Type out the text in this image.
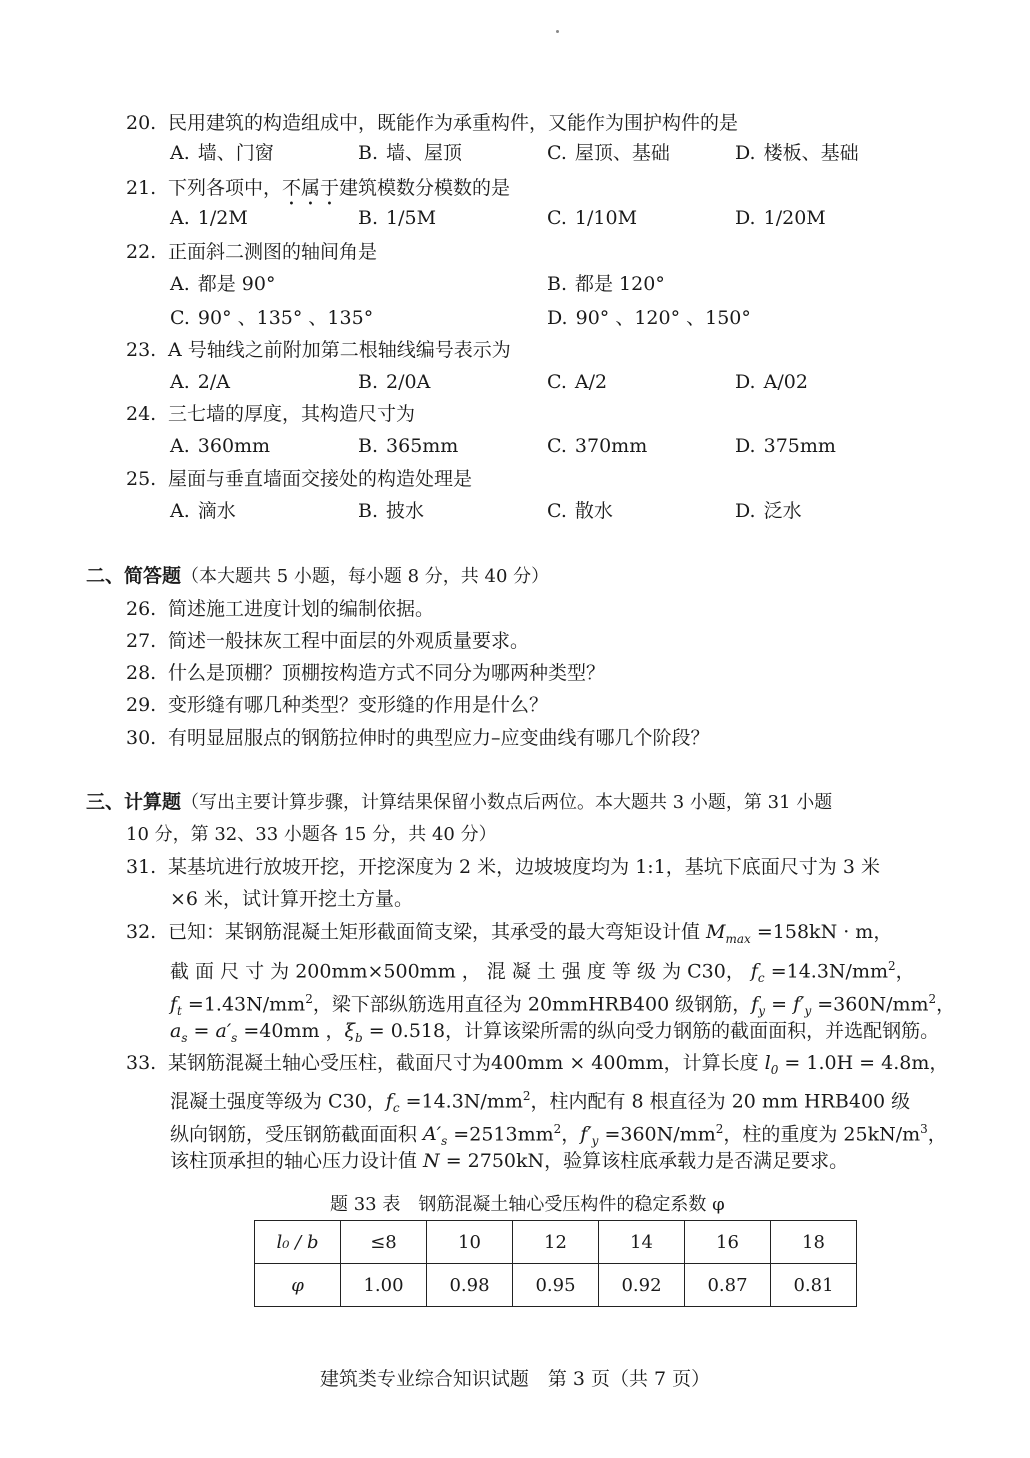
20. 民用建筑的构造组成中，既能作为承重构件，又能作为围护构件的是
A. 墙、门窗	B. 墙、屋顶	C. 屋顶、基础	D. 楼板、基础
21. 下列各项中，不属于建筑模数分模数的是
A. 1/2M	B. 1/5M	C. 1/10M	D. 1/20M
22. 正面斜二测图的轴间角是
A. 都是 90°	B. 都是 120°
C. 90° 、135° 、135°	D. 90° 、120° 、150°
23. A 号轴线之前附加第二根轴线编号表示为
A. 2/A	B. 2/0A	C. A/2	D. A/02
24. 三七墙的厚度，其构造尺寸为
A. 360mm	B. 365mm	C. 370mm	D. 375mm
25. 屋面与垂直墙面交接处的构造处理是
A. 滴水	B. 披水	C. 散水	D. 泛水
二、简答题（本大题共 5 小题，每小题 8 分，共 40 分）
26. 简述施工进度计划的编制依据。
27. 简述一般抹灰工程中面层的外观质量要求。
28. 什么是顶棚？顶棚按构造方式不同分为哪两种类型？
29. 变形缝有哪几种类型？变形缝的作用是什么？
30. 有明显屈服点的钢筋拉伸时的典型应力–应变曲线有哪几个阶段？
三、计算题（写出主要计算步骤，计算结果保留小数点后两位。本大题共 3 小题，第 31 小题
10 分，第 32、33 小题各 15 分，共 40 分）
31. 某基坑进行放坡开挖，开挖深度为 2 米，边坡坡度均为 1:1，基坑下底面尺寸为 3 米
×6 米，试计算开挖土方量。
32. 已知：某钢筋混凝土矩形截面简支梁，其承受的最大弯矩设计值 $M_{max} =158kN \cdot m$，
截 面 尺 寸 为 200mm×500mm ， 混 凝 土 强 度 等 级 为 C30， $f_c =14.3N/mm^2$，
$f_t =1.43N/mm^2$，梁下部纵筋选用直径为 20mmHRB400 级钢筋，$f_y = f'_y =360N/mm^2$，
$a_s = a'_s =40mm$ ，$\xi_b = 0.518$，计算该梁所需的纵向受力钢筋的截面面积，并选配钢筋。
33. 某钢筋混凝土轴心受压柱，截面尺寸为400mm × 400mm，计算长度 $l_0 = 1.0H = 4.8m$，
混凝土强度等级为 C30，$f_c =14.3N/mm^2$，柱内配有 8 根直径为 20 mm HRB400 级
纵向钢筋，受压钢筋截面面积 $A'_s =2513mm^2$，$f'_y =360N/mm^2$，柱的重度为 $25kN/m^3$，
该柱顶承担的轴心压力设计值 N = 2750kN，验算该柱底承载力是否满足要求。
题 33 表　钢筋混凝土轴心受压构件的稳定系数 φ
l₀ / b	≤8	10	12	14	16	18
φ	1.00	0.98	0.95	0.92	0.87	0.81
建筑类专业综合知识试题　第 3 页（共 7 页）
